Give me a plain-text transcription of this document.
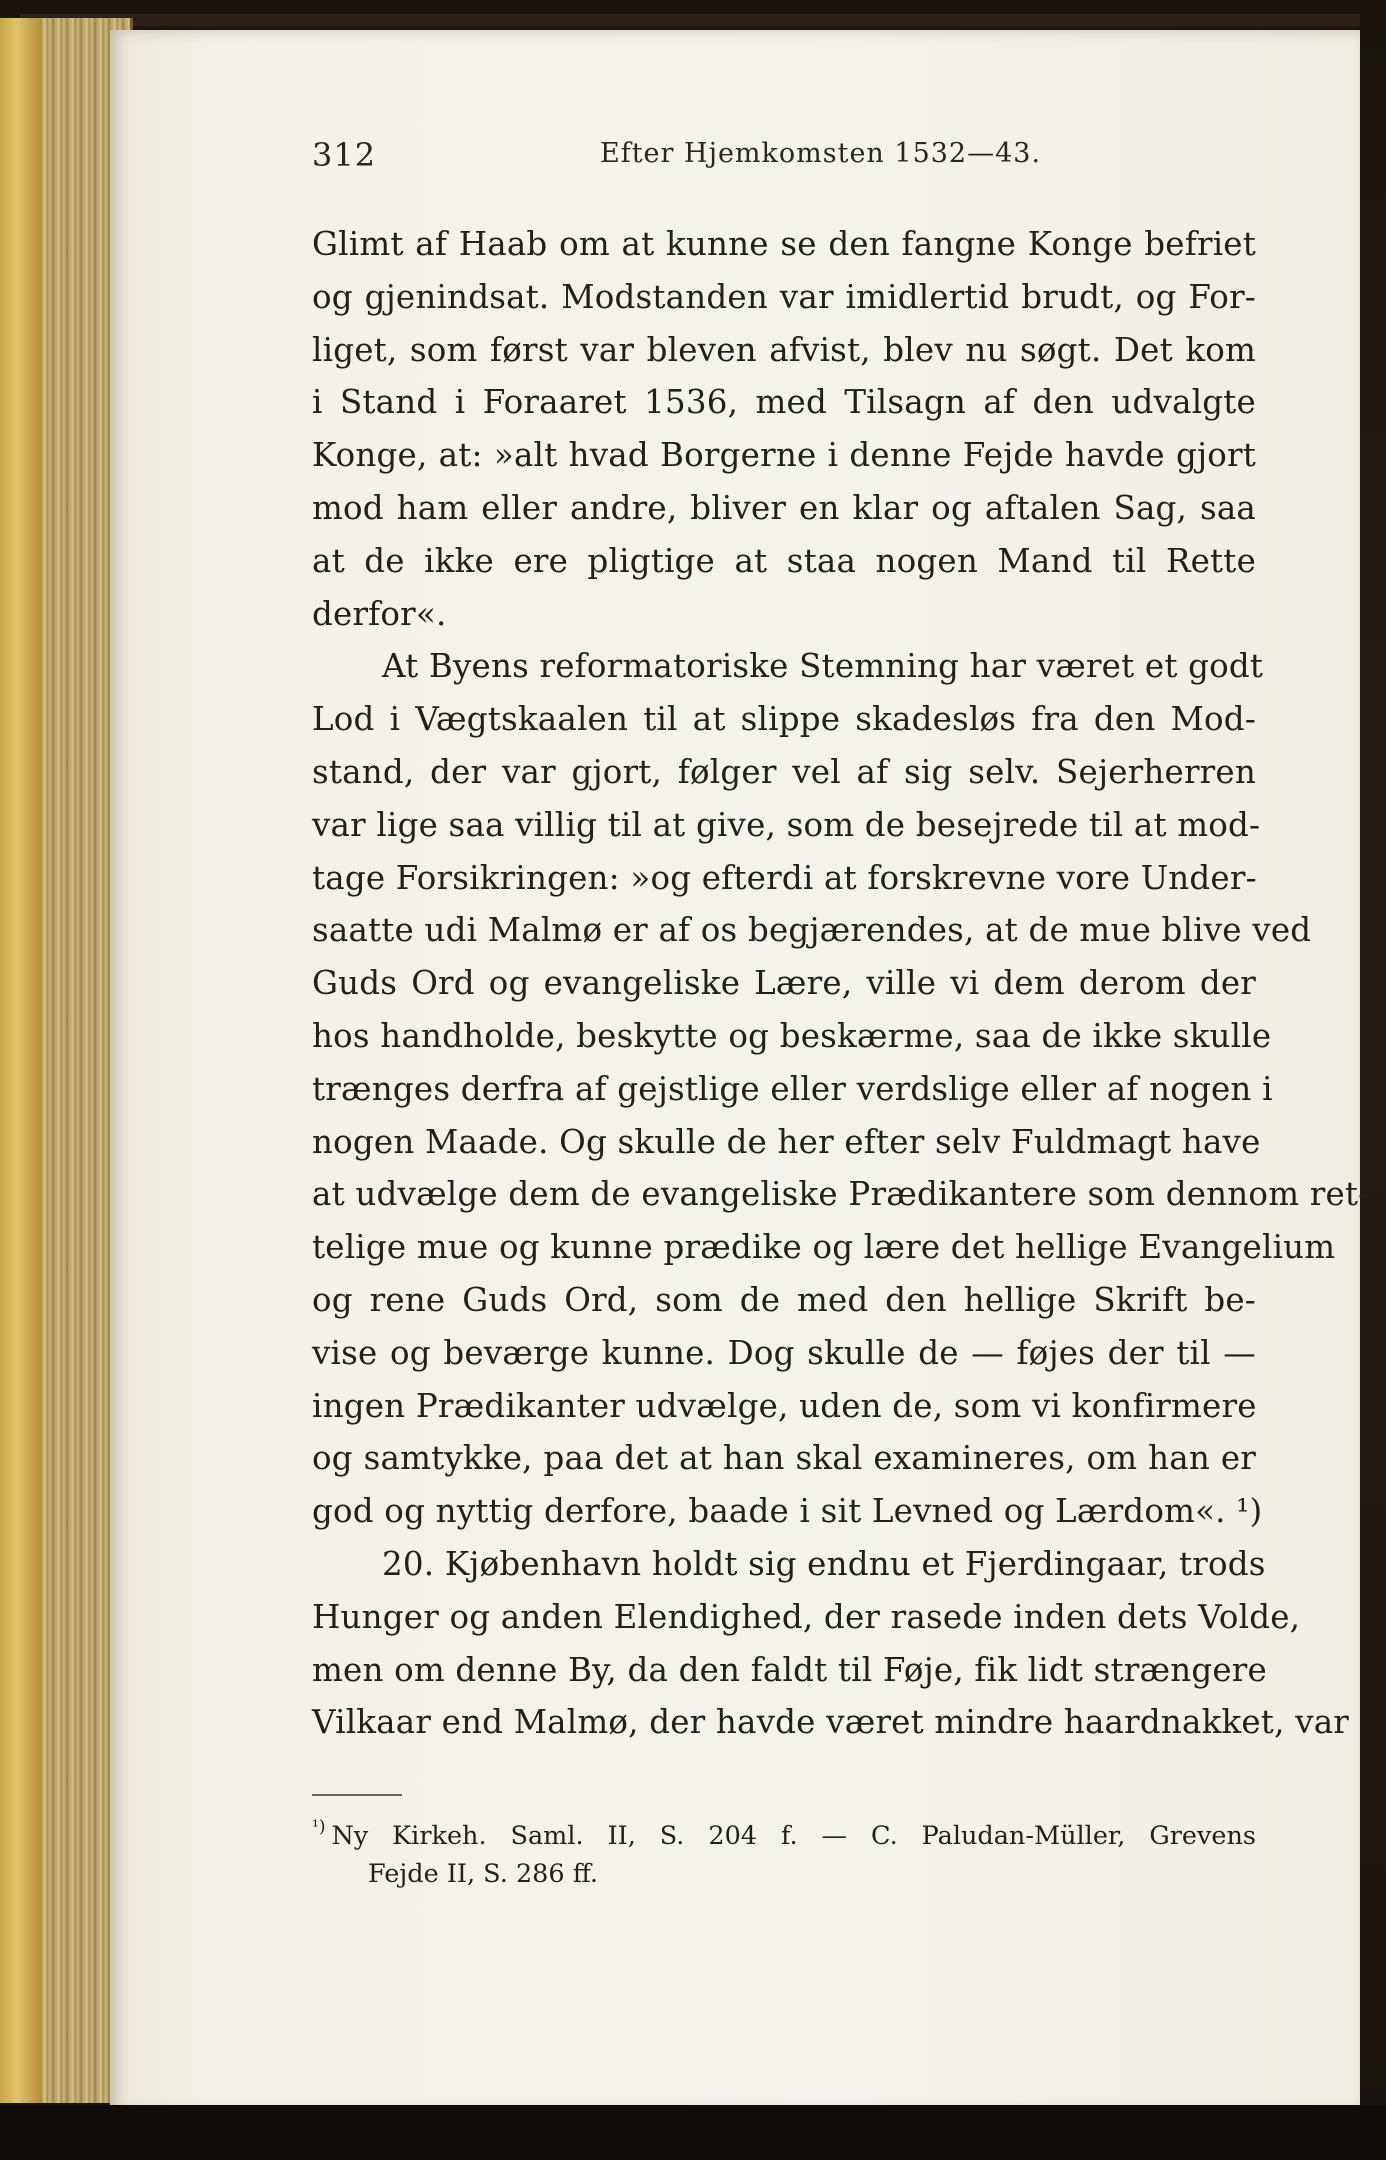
312	Efter Hjemkomsten 1532—43.
Glimt af Haab om at kunne se den fangne Konge befriet
og gjenindsat. Modstanden var imidlertid brudt, og For-
liget, som først var bleven afvist, blev nu søgt. Det kom
i Stand i Foraaret 1536, med Tilsagn af den udvalgte
Konge, at: »alt hvad Borgerne i denne Fejde havde gjort
mod ham eller andre, bliver en klar og aftalen Sag, saa
at de ikke ere pligtige at staa nogen Mand til Rette
derfor«.
At Byens reformatoriske Stemning har været et godt
Lod i Vægtskaalen til at slippe skadesløs fra den Mod-
stand, der var gjort, følger vel af sig selv. Sejerherren
var lige saa villig til at give, som de besejrede til at mod-
tage Forsikringen: »og efterdi at forskrevne vore Under-
saatte udi Malmø er af os begjærendes, at de mue blive ved
Guds Ord og evangeliske Lære, ville vi dem derom der
hos handholde, beskytte og beskærme, saa de ikke skulle
trænges derfra af gejstlige eller verdslige eller af nogen i
nogen Maade. Og skulle de her efter selv Fuldmagt have
at udvælge dem de evangeliske Prædikantere som dennom ret-
telige mue og kunne prædike og lære det hellige Evangelium
og rene Guds Ord, som de med den hellige Skrift be-
vise og beværge kunne. Dog skulle de — føjes der til —
ingen Prædikanter udvælge, uden de, som vi konfirmere
og samtykke, paa det at han skal examineres, om han er
god og nyttig derfore, baade i sit Levned og Lærdom«. ¹)
20. Kjøbenhavn holdt sig endnu et Fjerdingaar, trods
Hunger og anden Elendighed, der rasede inden dets Volde,
men om denne By, da den faldt til Føje, fik lidt strængere
Vilkaar end Malmø, der havde været mindre haardnakket, var
$^{^1)}$ Ny Kirkeh. Saml. II, S. 204 f. — C. Paludan-Müller, Grevens
Fejde II, S. 286 ff.
